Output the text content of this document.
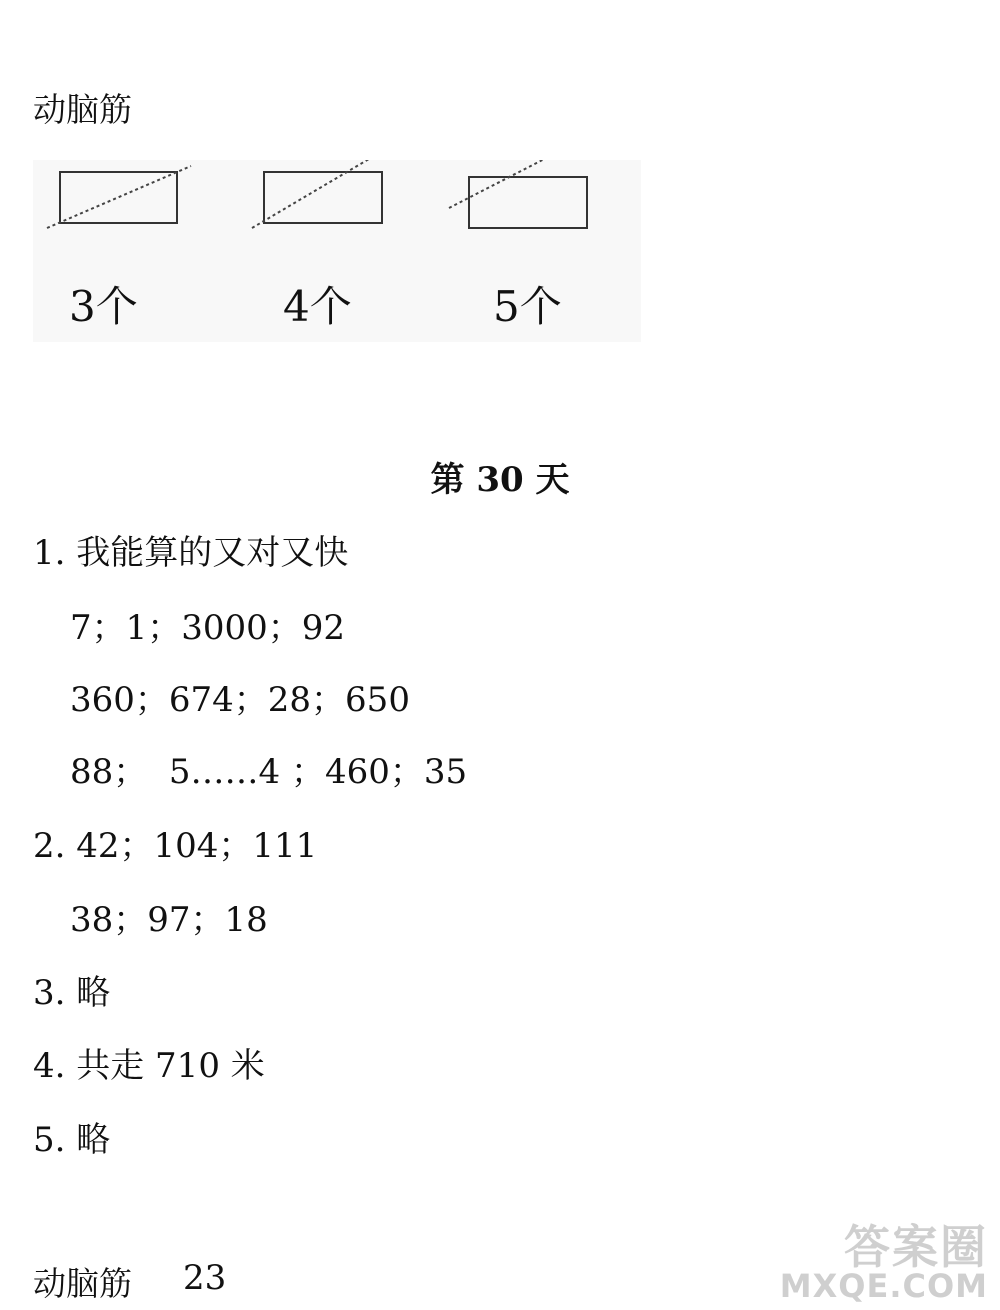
动脑筋
3个	4个	5个
第 30 天
1. 我能算的又对又快
7；1；3000；92
360；674；28；650
88；  5……4 ；460；35
2. 42；104；111
38；97；18
3. 略
4. 共走 710 米
5. 略
动脑筋 23
答案圈
MXQE.COM
